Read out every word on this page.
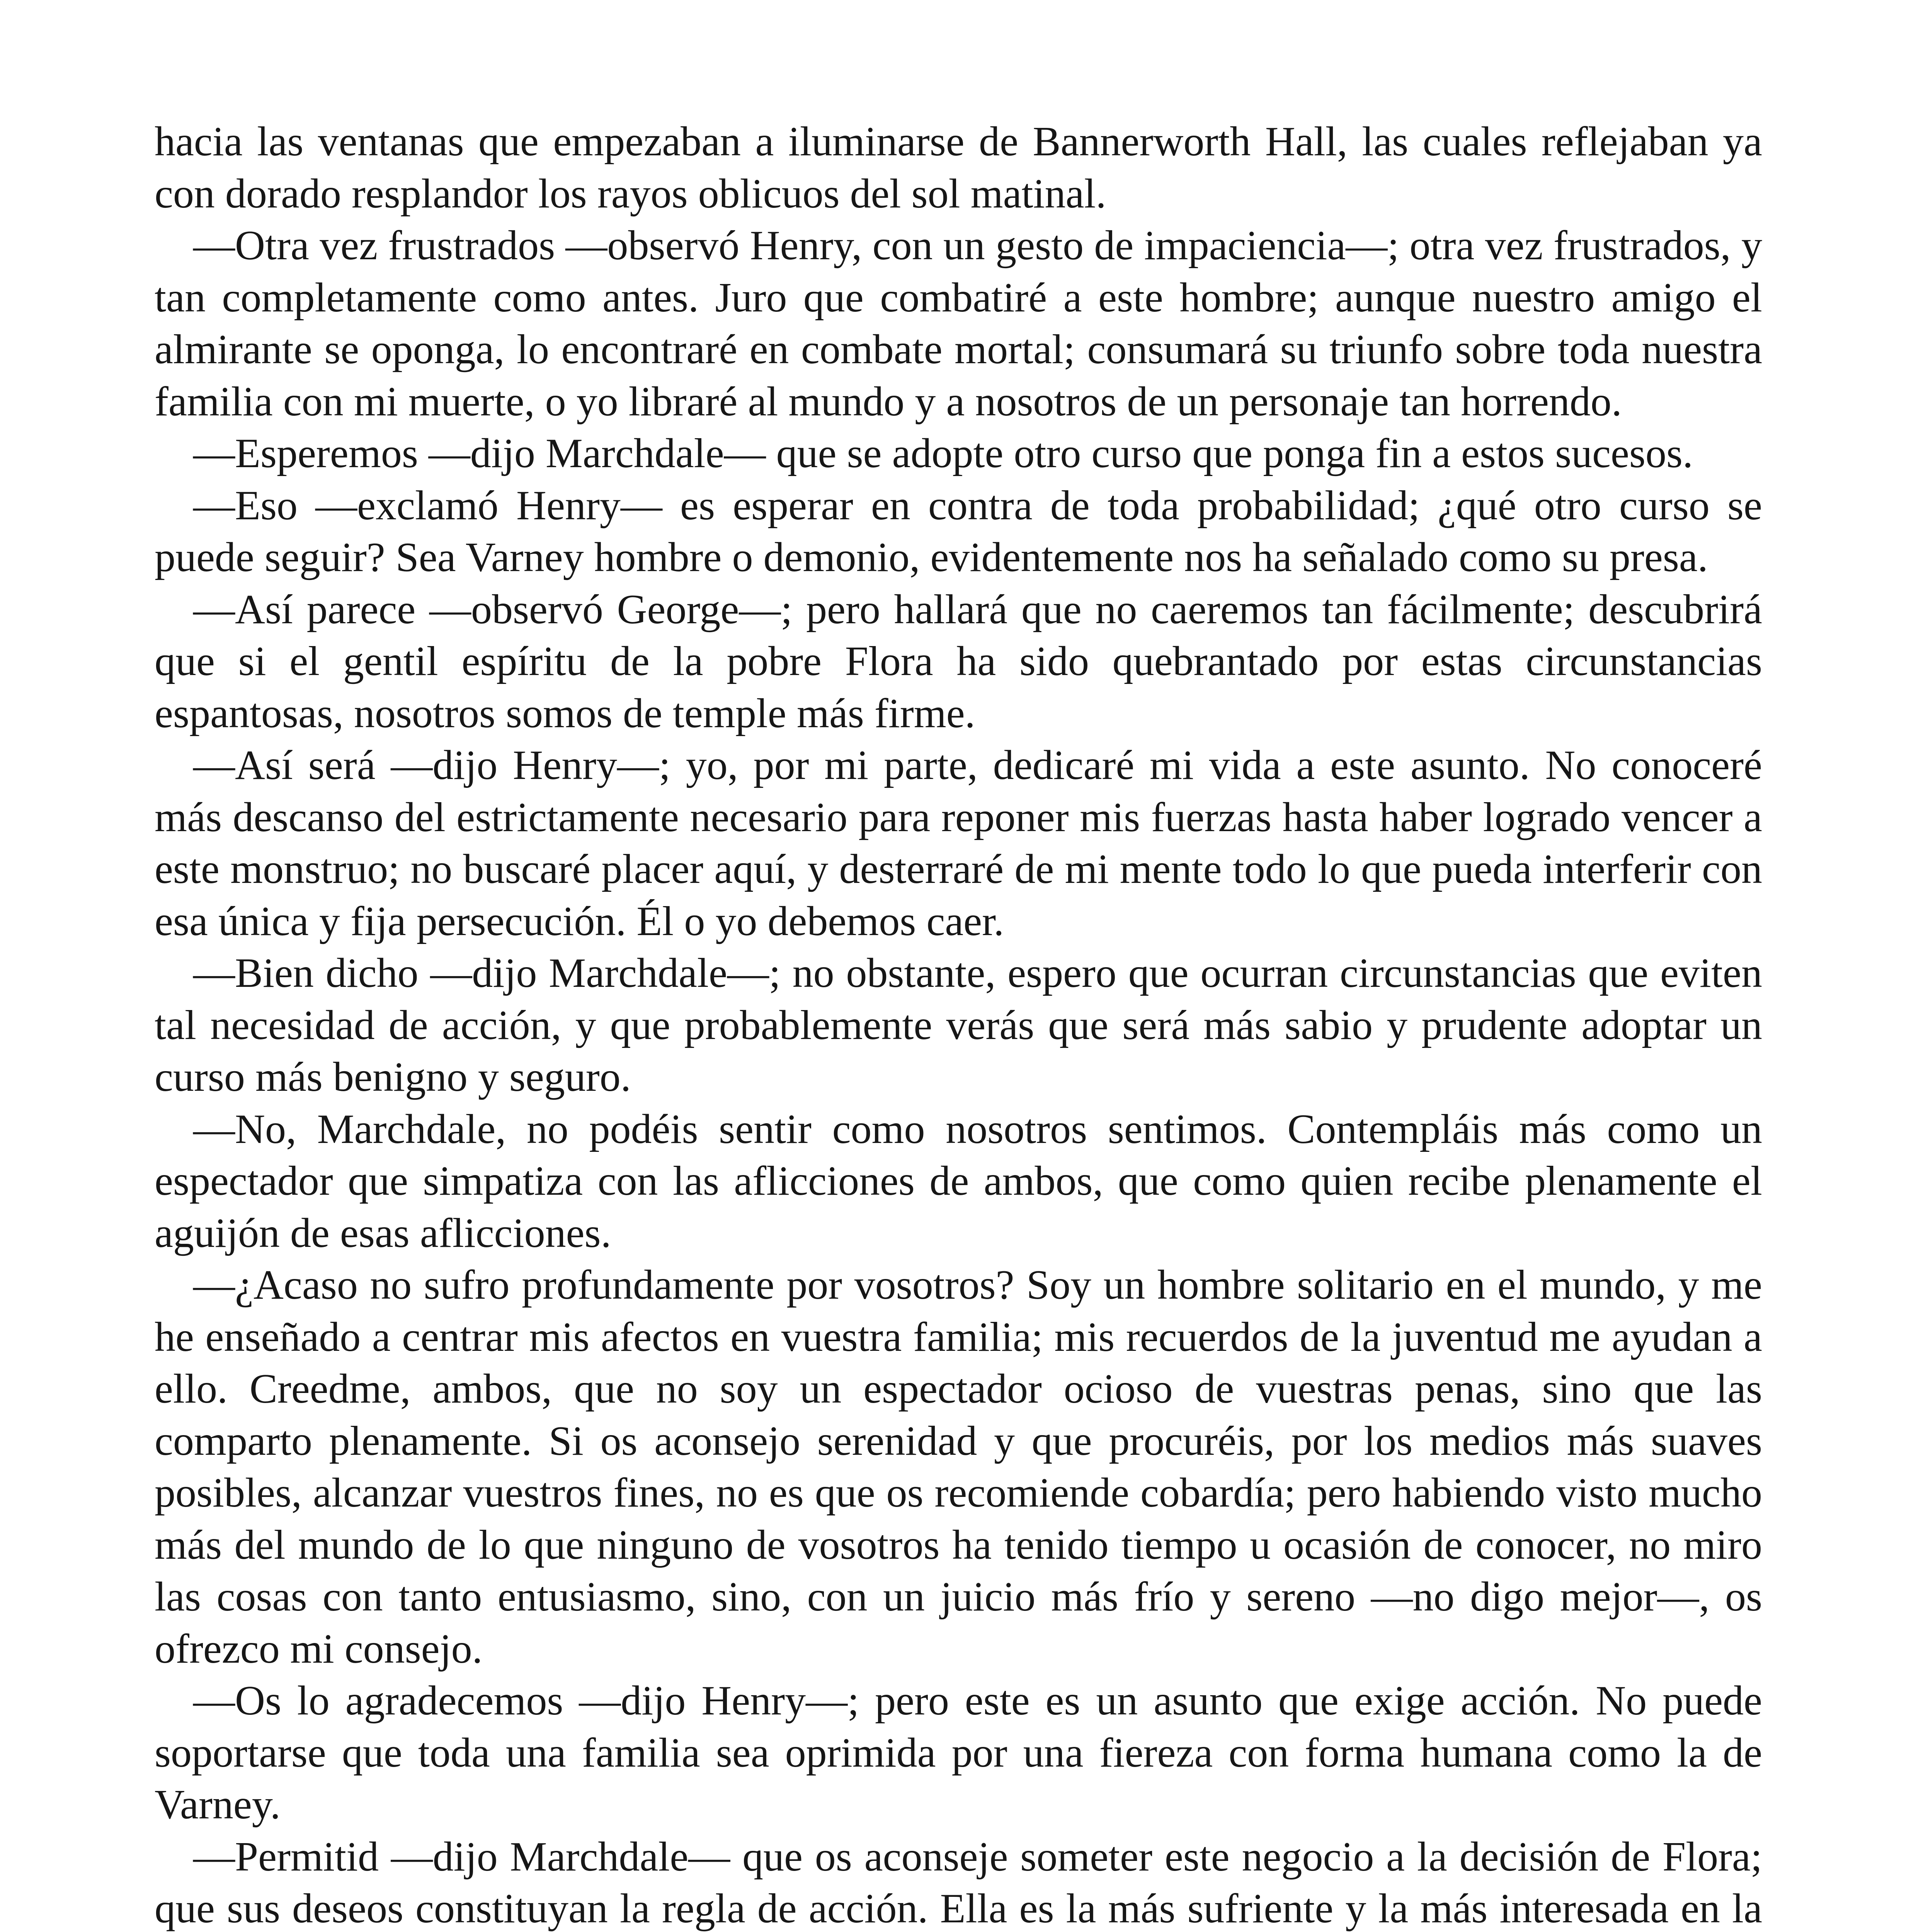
hacia las ventanas que empezaban a iluminarse de Bannerworth Hall, las cuales reflejaban ya con dorado resplandor los rayos oblicuos del sol matinal.

—Otra vez frustrados —observó Henry, con un gesto de impaciencia—; otra vez frustrados, y tan completamente como antes. Juro que combatiré a este hombre; aunque nuestro amigo el almirante se oponga, lo encontraré en combate mortal; consumará su triunfo sobre toda nuestra familia con mi muerte, o yo libraré al mundo y a nosotros de un personaje tan horrendo.

—Esperemos —dijo Marchdale— que se adopte otro curso que ponga fin a estos sucesos.

—Eso —exclamó Henry— es esperar en contra de toda probabilidad; ¿qué otro curso se puede seguir? Sea Varney hombre o demonio, evidentemente nos ha señalado como su presa.

—Así parece —observó George—; pero hallará que no caeremos tan fácilmente; descubrirá que si el gentil espíritu de la pobre Flora ha sido quebrantado por estas circunstancias espantosas, nosotros somos de temple más firme.

—Así será —dijo Henry—; yo, por mi parte, dedicaré mi vida a este asunto. No conoceré más descanso del estrictamente necesario para reponer mis fuerzas hasta haber logrado vencer a este monstruo; no buscaré placer aquí, y desterraré de mi mente todo lo que pueda interferir con esa única y fija persecución. Él o yo debemos caer.

—Bien dicho —dijo Marchdale—; no obstante, espero que ocurran circunstancias que eviten tal necesidad de acción, y que probablemente verás que será más sabio y prudente adoptar un curso más benigno y seguro.

—No, Marchdale, no podéis sentir como nosotros sentimos. Contempláis más como un espectador que simpatiza con las aflicciones de ambos, que como quien recibe plenamente el aguijón de esas aflicciones.

—¿Acaso no sufro profundamente por vosotros? Soy un hombre solitario en el mundo, y me he enseñado a centrar mis afectos en vuestra familia; mis recuerdos de la juventud me ayudan a ello. Creedme, ambos, que no soy un espectador ocioso de vuestras penas, sino que las comparto plenamente. Si os aconsejo serenidad y que procuréis, por los medios más suaves posibles, alcanzar vuestros fines, no es que os recomiende cobardía; pero habiendo visto mucho más del mundo de lo que ninguno de vosotros ha tenido tiempo u ocasión de conocer, no miro las cosas con tanto entusiasmo, sino, con un juicio más frío y sereno —no digo mejor—, os ofrezco mi consejo.

—Os lo agradecemos —dijo Henry—; pero este es un asunto que exige acción. No puede soportarse que toda una familia sea oprimida por una fiereza con forma humana como la de Varney.

—Permitid —dijo Marchdale— que os aconseje someter este negocio a la decisión de Flora; que sus deseos constituyan la regla de acción. Ella es la más sufriente y la más interesada en la
